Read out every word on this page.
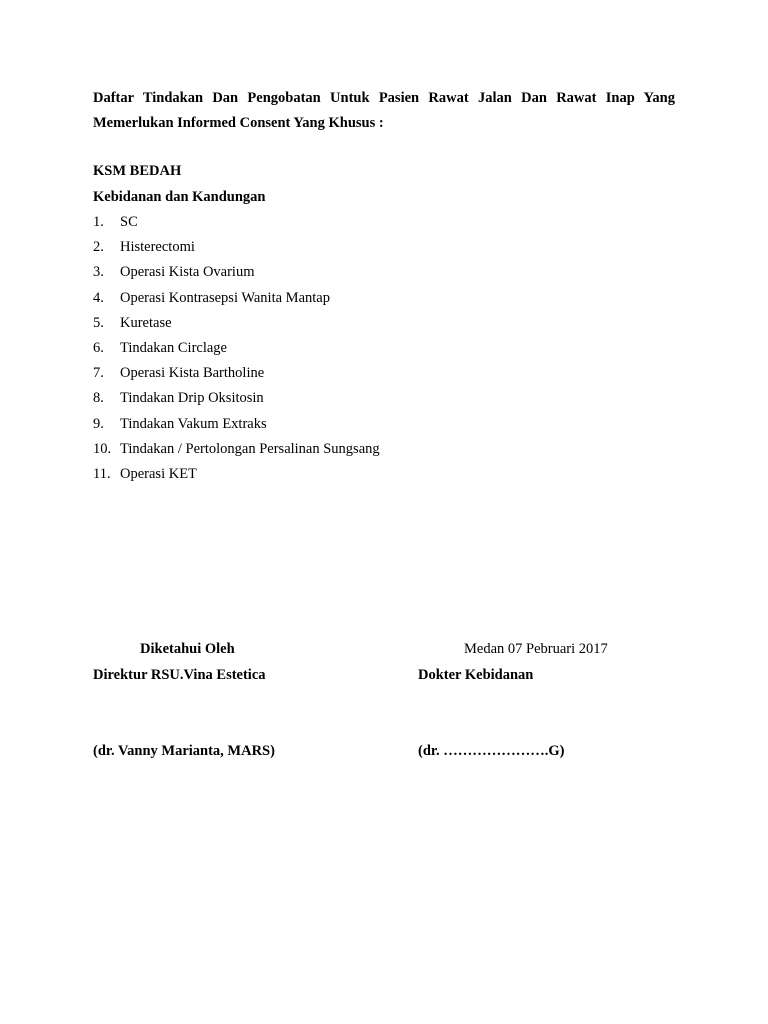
Daftar Tindakan Dan Pengobatan Untuk Pasien Rawat Jalan Dan Rawat Inap Yang
Memerlukan Informed Consent Yang Khusus :

KSM BEDAH

Kebidanan dan Kandungan

1. SC
2. Histerectomi
3. Operasi Kista Ovarium
4. Operasi Kontrasepsi Wanita Mantap
5. Kuretase
6. Tindakan Circlage
7. Operasi Kista Bartholine
8. Tindakan Drip Oksitosin
9. Tindakan Vakum Extraks
10. Tindakan / Pertolongan Persalinan Sungsang
11. Operasi KET

Diketahui Oleh	Medan 07 Pebruari 2017

Direktur RSU.Vina Estetica	Dokter Kebidanan

(dr. Vanny Marianta, MARS)	(dr. ………………….G)
